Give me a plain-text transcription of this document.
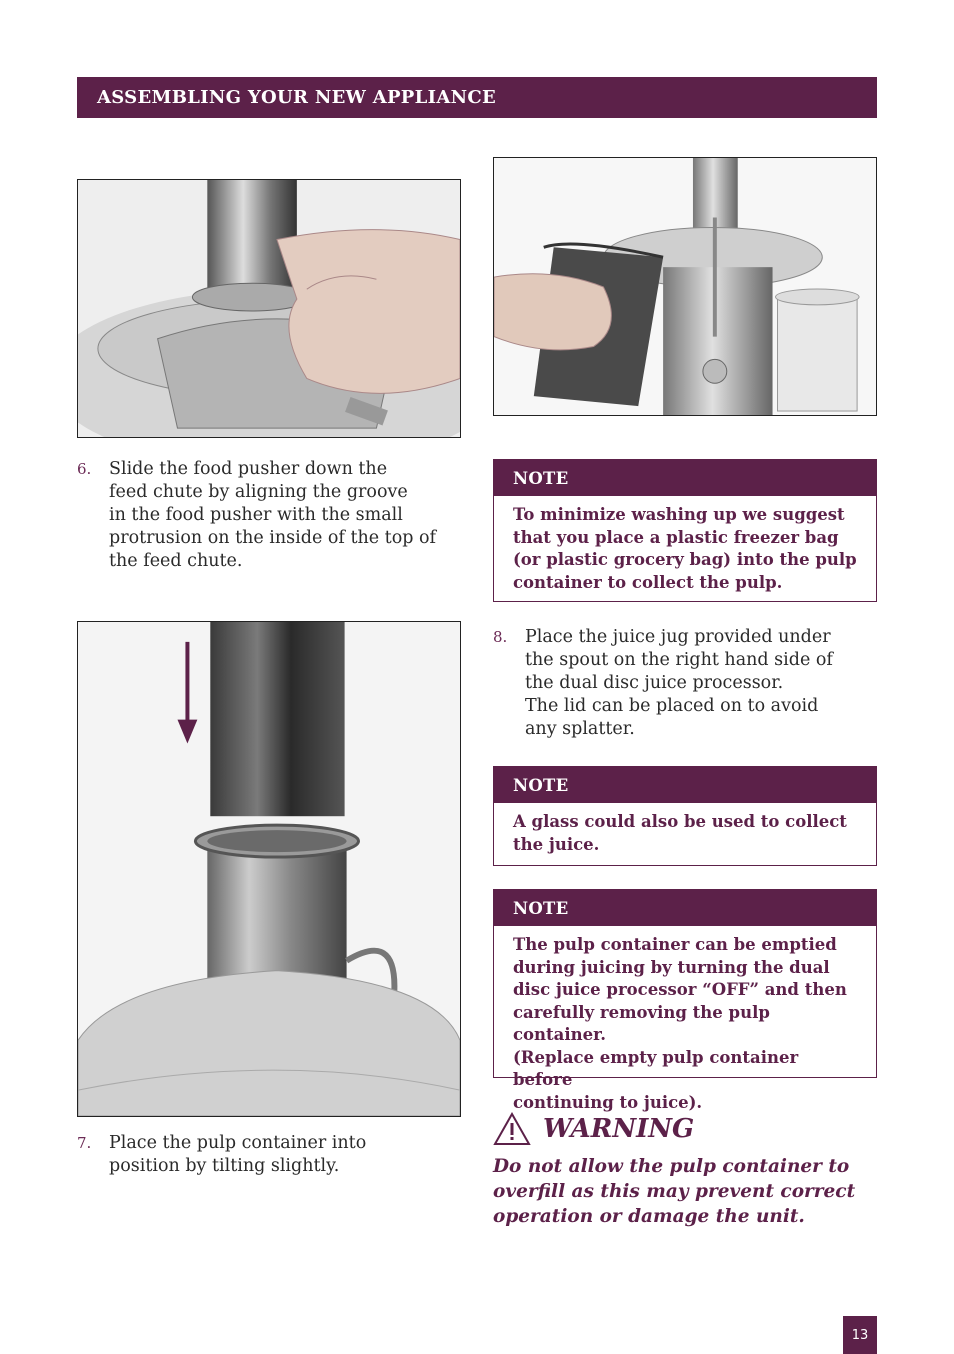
ASSEMBLING YOUR NEW APPLIANCE
6. Slide the food pusher down the
feed chute by aligning the groove
in the food pusher with the small
protrusion on the inside of the top of
the feed chute.
7. Place the pulp container into
position by tilting slightly.
NOTE
To minimize washing up we suggest
that you place a plastic freezer bag
(or plastic grocery bag) into the pulp
container to collect the pulp.
8. Place the juice jug provided under
the spout on the right hand side of
the dual disc juice processor.
The lid can be placed on to avoid
any splatter.
NOTE
A glass could also be used to collect
the juice.
NOTE
The pulp container can be emptied
during juicing by turning the dual
disc juice processor “OFF” and then
carefully removing the pulp container.
(Replace empty pulp container before
continuing to juice).
WARNING
Do not allow the pulp container to
overfill as this may prevent correct
operation or damage the unit.
13
